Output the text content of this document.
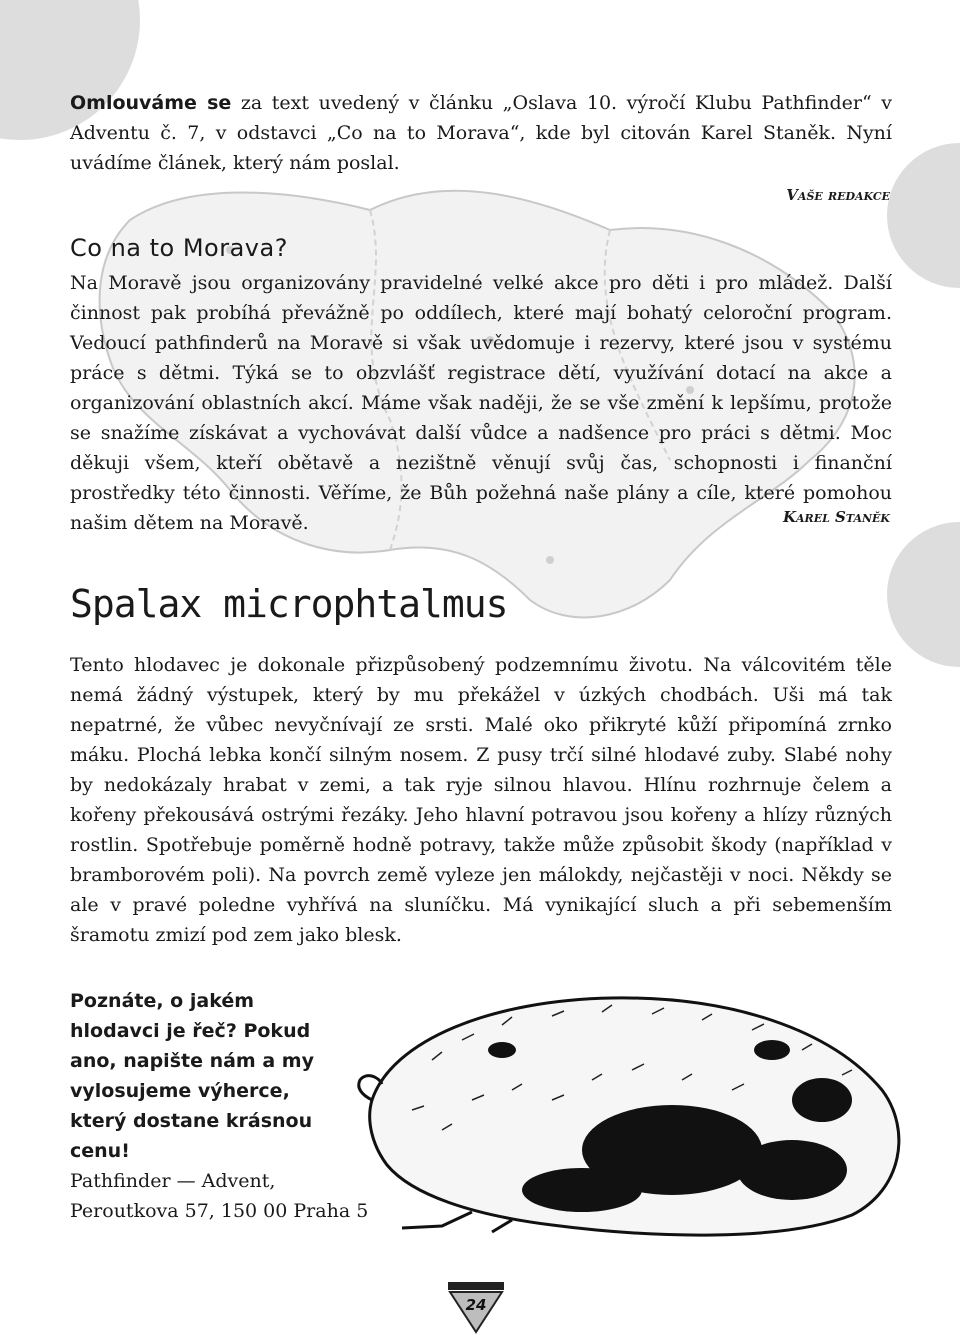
Omlouváme se za text uvedený v článku „Oslava 10. výročí Klubu Pathfinder“ v Adventu č. 7, v odstavci „Co na to Morava“, kde byl citován Karel Staněk. Nyní uvádíme článek, který nám poslal.

Vaše redakce
Co na to Morava?

Na Moravě jsou organizovány pravidelné velké akce pro děti i pro mládež. Další činnost pak probíhá převážně po oddílech, které mají bohatý celoroční program. Vedoucí pathfinderů na Moravě si však uvědomuje i rezervy, které jsou v systému práce s dětmi. Týká se to obzvlášť registrace dětí, využívání dotací na akce a organizování oblastních akcí. Máme však naději, že se vše změní k lepšímu, protože se snažíme získávat a vychovávat další vůdce a nadšence pro práci s dětmi. Moc děkuji všem, kteří obětavě a nezištně věnují svůj čas, schopnosti i finanční prostředky této činnosti. Věříme, že Bůh požehná naše plány a cíle, které pomohou našim dětem na Moravě.	Karel Staněk
Spalax microphtalmus

Tento hlodavec je dokonale přizpůsobený podzemnímu životu. Na válcovitém těle nemá žádný výstupek, který by mu překážel v úzkých chodbách. Uši má tak nepatrné, že vůbec nevyčnívají ze srsti. Malé oko přikryté kůží připomíná zrnko máku. Plochá lebka končí silným nosem. Z pusy trčí silné hlodavé zuby. Slabé nohy by nedokázaly hrabat v zemi, a tak ryje silnou hlavou. Hlínu rozhrnuje čelem a kořeny překousává ostrými řezáky. Jeho hlavní potravou jsou kořeny a hlízy různých rostlin. Spotřebuje poměrně hodně potravy, takže může způsobit škody (například v bramborovém poli). Na povrch země vyleze jen málokdy, nejčastěji v noci. Někdy se ale v pravé poledne vyhřívá na sluníčku. Má vynikající sluch a při sebemenším šramotu zmizí pod zem jako blesk.

Poznáte, o jakém hlodavci je řeč? Pokud ano, napište nám a my vylosujeme výherce, který dostane krásnou cenu!
Pathfinder — Advent,
Peroutkova 57, 150 00 Praha 5
24
